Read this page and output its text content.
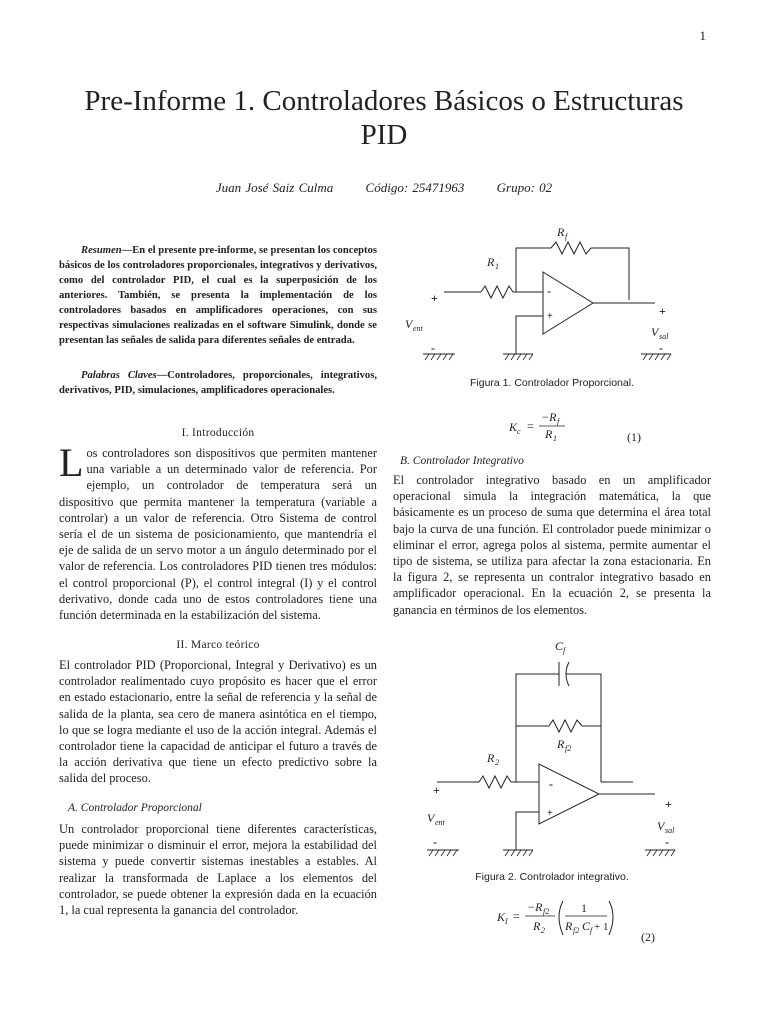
1
Pre-Informe 1. Controladores Básicos o Estructuras PID
Juan José Saiz Culma Código: 25471963 Grupo: 02
Resumen—En el presente pre-informe, se presentan los conceptos básicos de los controladores proporcionales, integrativos y derivativos, como del controlador PID, el cual es la superposición de los anteriores. También, se presenta la implementación de los controladores basados en amplificadores operaciones, con sus respectivas simulaciones realizadas en el software Simulink, donde se presentan las señales de salida para diferentes señales de entrada.
Palabras Claves—Controladores, proporcionales, integrativos, derivativos, PID, simulaciones, amplificadores operacionales.
I. Introducción
Los controladores son dispositivos que permiten mantener una variable a un determinado valor de referencia. Por ejemplo, un controlador de temperatura será un dispositivo que permita mantener la temperatura (variable a controlar) a un valor de referencia. Otro Sistema de control sería el de un sistema de posicionamiento, que mantendría el eje de salida de un servo motor a un ángulo determinado por el valor de referencia. Los controladores PID tienen tres módulos: el control proporcional (P), el control integral (I) y el control derivativo, donde cada uno de estos controladores tiene una función determinada en la estabilización del sistema.
II. Marco teórico
El controlador PID (Proporcional, Integral y Derivativo) es un controlador realimentado cuyo propósito es hacer que el error en estado estacionario, entre la señal de referencia y la señal de salida de la planta, sea cero de manera asintótica en el tiempo, lo que se logra mediante el uso de la acción integral. Además el controlador tiene la capacidad de anticipar el futuro a través de la acción derivativa que tiene un efecto predictivo sobre la salida del proceso.
A. Controlador Proporcional
Un controlador proporcional tiene diferentes características, puede minimizar o disminuir el error, mejora la estabilidad del sistema y puede convertir sistemas inestables a estables. Al realizar la transformada de Laplace a los elementos del controlador, se puede obtener la expresión dada en la ecuación 1, la cual representa la ganancia del controlador.
R f
R 1
-
+
+
-
+
-
V ent	V sal
Figura 1. Controlador Proporcional.
K c =
−R f
R 1	(1)
B. Controlador Integrativo
El controlador integrativo basado en un amplificador operacional simula la integración matemática, la que básicamente es un proceso de suma que determina el área total bajo la curva de una función. El controlador puede minimizar o eliminar el error, agrega polos al sistema, permite aumentar el tipo de sistema, se utiliza para afectar la zona estacionaria. En la figura 2, se representa un contralor integrativo basado en amplificador operacional. En la ecuación 2, se presenta la ganancia en términos de los elementos.
C f
R f2
R 2
-
+
+
-
+
-
V ent	V sal
Figura 2. Controlador integrativo.
K I =
−R f2
R 2
1
R f2 C f + 1
(2)
